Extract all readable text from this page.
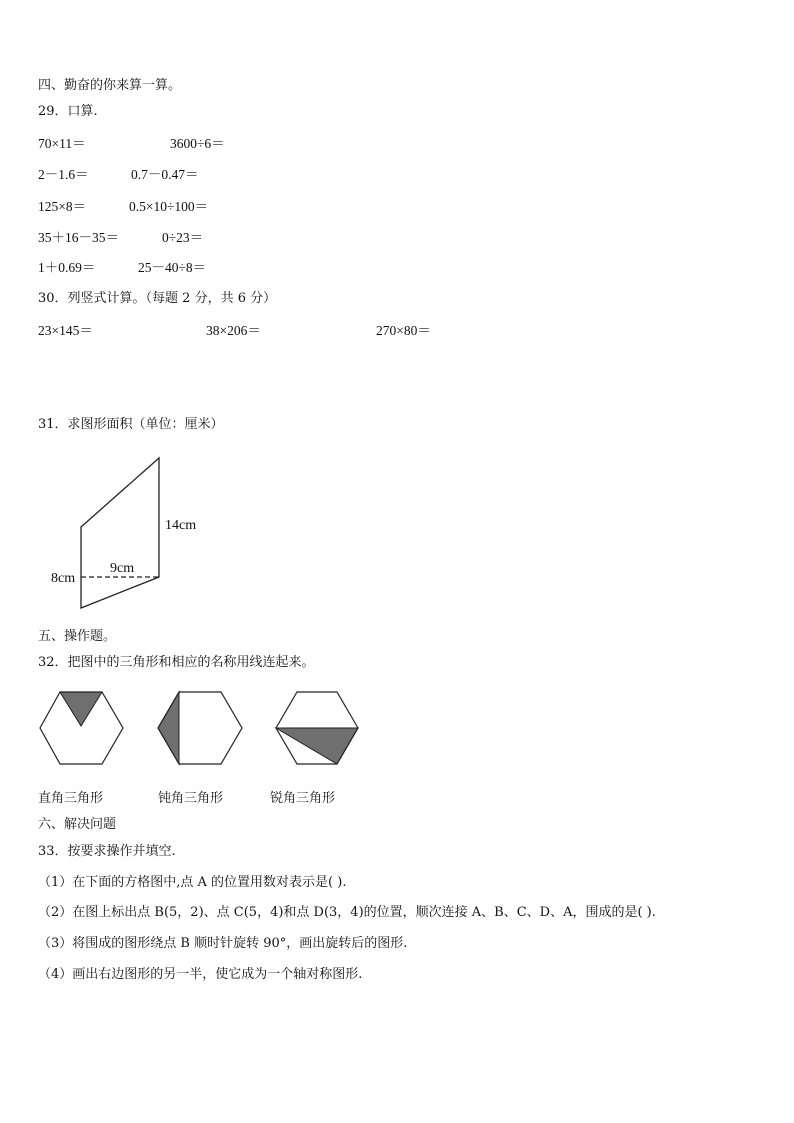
四、勤奋的你来算一算。
29．口算.
70×11＝	3600÷6＝
2－1.6＝	0.7－0.47＝
125×8＝	0.5×10÷100＝
35＋16－35＝	0÷23＝
1＋0.69＝	25－40÷8＝
30．列竖式计算。（每题 2 分，共 6 分）
23×145＝	38×206＝	270×80＝
31．求图形面积（单位：厘米）
14cm
9cm
8cm
五、操作题。
32．把图中的三角形和相应的名称用线连起来。
直角三角形	钝角三角形	锐角三角形
六、解决问题
33．按要求操作并填空.
（1）在下面的方格图中,点 A 的位置用数对表示是( ).
（2）在图上标出点 B(5，2)、点 C(5，4)和点 D(3，4)的位置，顺次连接 A、B、C、D、A，围成的是( ).
（3）将围成的图形绕点 B 顺时针旋转 90°，画出旋转后的图形.
（4）画出右边图形的另一半，使它成为一个轴对称图形.
